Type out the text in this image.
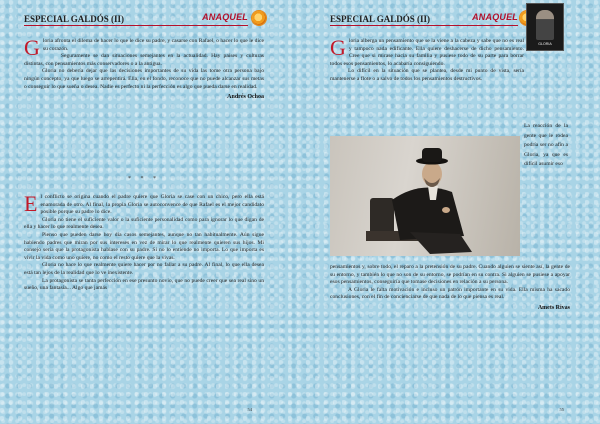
ESPECIAL GALDÓS (II)	ANAQUEL

Gloria afronta el dilema de hacer lo que le dice su padre, y casarse con Rafael, o hacer lo que le dice su corazón.

Seguramente se dan situaciones semejantes en la actualidad. Hay países y culturas distintas, con pensamientos más conservadores o a la antigua.

Gloria no debería dejar que las decisiones importantes de su vida las tome otra persona bajo ningún concepto, ya que luego se arrepentirá. Ella, en el fondo, reconoce que no puede alcanzar sus metas o conseguir lo que sueña o desea. Nadie es perfecto ni la perfección es algo que pueda darse en realidad.

Andrés Ochoa
* * *

El conflicto se origina cuando el padre quiere que Gloria se case con un chico, pero ella está enamorada de otro. Al final, la propia Gloria se autoconvence de que Rafael es el mejor candidato posible porque su padre lo dice.

Gloria no tiene el suficiente valor o la suficiente personalidad como para ignorar lo que digan de ella y hacer lo que realmente desea.

Pienso que pueden darse hoy día casos semejantes, aunque no tan habitualmente. Aún sigue habiendo padres que miran por sus intereses en vez de mirar lo que realmente quieren sus hijos. Mi consejo sería que la protagonista hablase con su padre. Si no lo entiende no importa. Lo que importa es vivir la vida como uno quiere, no como el resto quiere que la vivas.

Gloria no hace lo que realmente quiere hacer por no fallar a su padre. Al final, lo que ella desea está tan lejos de la realidad que lo ve inexistente.

La protagonista se tanta perfección en ese presunto novio, que no puede creer que sea real sino un sueño, una fantasía... Algo que jamás

54
ESPECIAL GALDÓS (II)	ANAQUEL
GLORIA

Gloria alberga un pensamiento que se la viene a la cabeza y sabe que no es real y tampoco nada edificante. Ella quiere deshacerse de dicho pensamiento. Cree que si mirase hacia su familia y pusiese todo de su parte para borrar todos esos pensamientos, lo acabaría consiguiendo.

Lo difícil en la situación que se plantea, desde mi punto de vista, sería mantenerse a flote o a salvo de todos los pensamientos destructivos.

La reacción de la gente que le rodea podría ser no afín a Gloria, ya que es difícil asumir eso

pensamientos y, sobre todo, el reparo a la pretensión de su padre. Cuando alguien se siente así, la gente de su entorno, y también lo que no son de su entorno, se podrían en su contra. Si alguien se pusiese a apoyar esos pensamientos, conseguiría que tomase decisiones en relación a su persona.

A Gloria le falta motivación e incluso un patrón importante en su vida. Ella misma ha sacado conclusiones, con el fin de concienciarse de que nada de lo que piensa es real.

Amets Rivas
55
